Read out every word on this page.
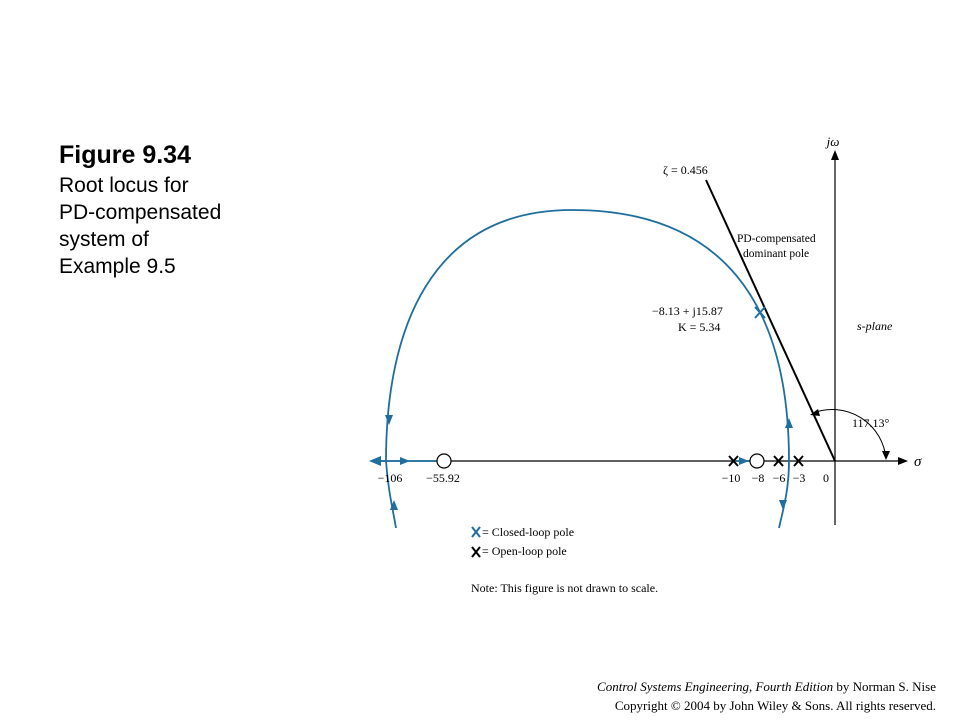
Figure 9.34
Root locus for
PD-compensated
system of
Example 9.5
jω
σ
s-plane
ζ = 0.456
117.13°
PD-compensated
dominant pole
−8.13 + j15.87
K = 5.34
−106 −55.92	−10 −8 −6 −3 0
= Closed-loop pole
= Open-loop pole
Note: This figure is not drawn to scale.
Control Systems Engineering, Fourth Edition by Norman S. Nise
Copyright © 2004 by John Wiley & Sons. All rights reserved.
